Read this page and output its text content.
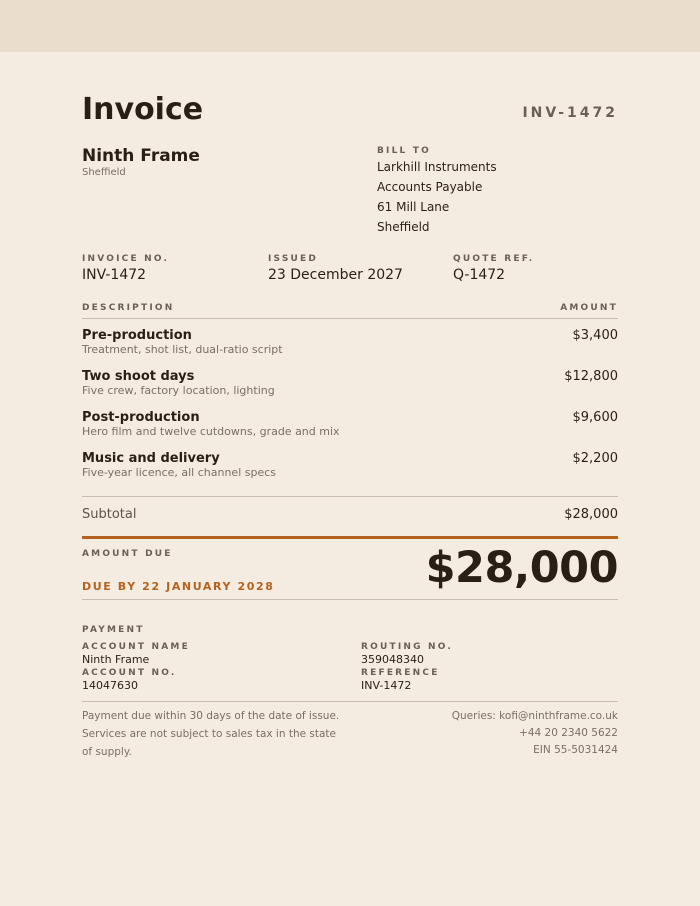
Invoice	INV-1472
Ninth Frame
Sheffield
BILL TO
Larkhill Instruments
Accounts Payable
61 Mill Lane
Sheffield
INVOICE NO.
INV-1472
ISSUED
23 December 2027
QUOTE REF.
Q-1472
DESCRIPTION	AMOUNT
Pre-production
Treatment, shot list, dual-ratio script
$3,400
Two shoot days
Five crew, factory location, lighting
$12,800
Post-production
Hero film and twelve cutdowns, grade and mix
$9,600
Music and delivery
Five-year licence, all channel specs
$2,200
Subtotal	$28,000
AMOUNT DUE
DUE BY 22 JANUARY 2028	$28,000
PAYMENT
ACCOUNT NAME
Ninth Frame
ACCOUNT NO.
14047630
ROUTING NO.
359048340
REFERENCE
INV-1472
Payment due within 30 days of the date of issue.
Services are not subject to sales tax in the state
of supply.
Queries: kofi@ninthframe.co.uk
+44 20 2340 5622
EIN 55-5031424
